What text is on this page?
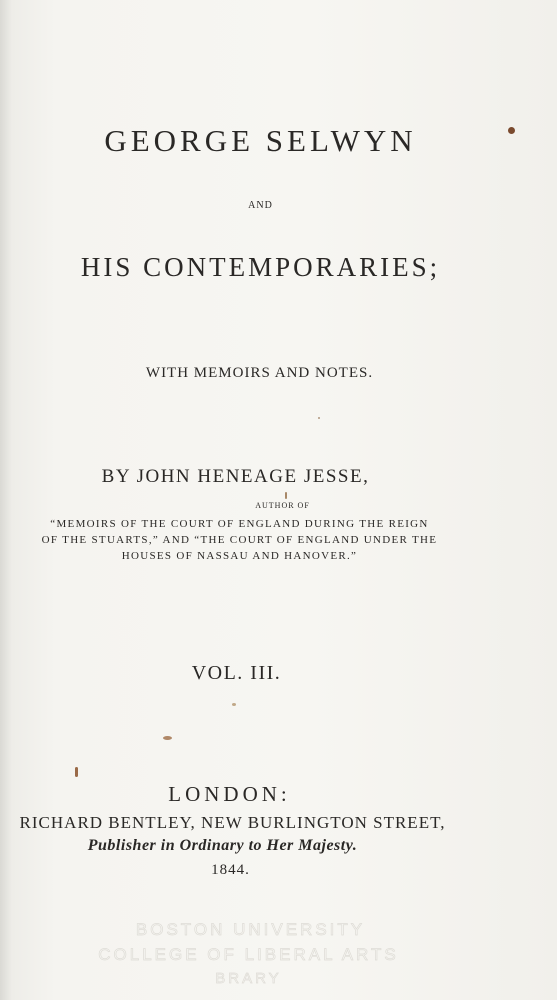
GEORGE SELWYN
AND
HIS CONTEMPORARIES;
WITH MEMOIRS AND NOTES.
BY JOHN HENEAGE JESSE,
AUTHOR OF
“MEMOIRS OF THE COURT OF ENGLAND DURING THE REIGN
OF THE STUARTS,” AND “THE COURT OF ENGLAND UNDER THE
HOUSES OF NASSAU AND HANOVER.”
VOL. III.
LONDON:
RICHARD BENTLEY, NEW BURLINGTON STREET,
Publisher in Ordinary to Her Majesty.
1844.
BOSTON UNIVERSITY
COLLEGE OF LIBERAL ARTS
BRARY
